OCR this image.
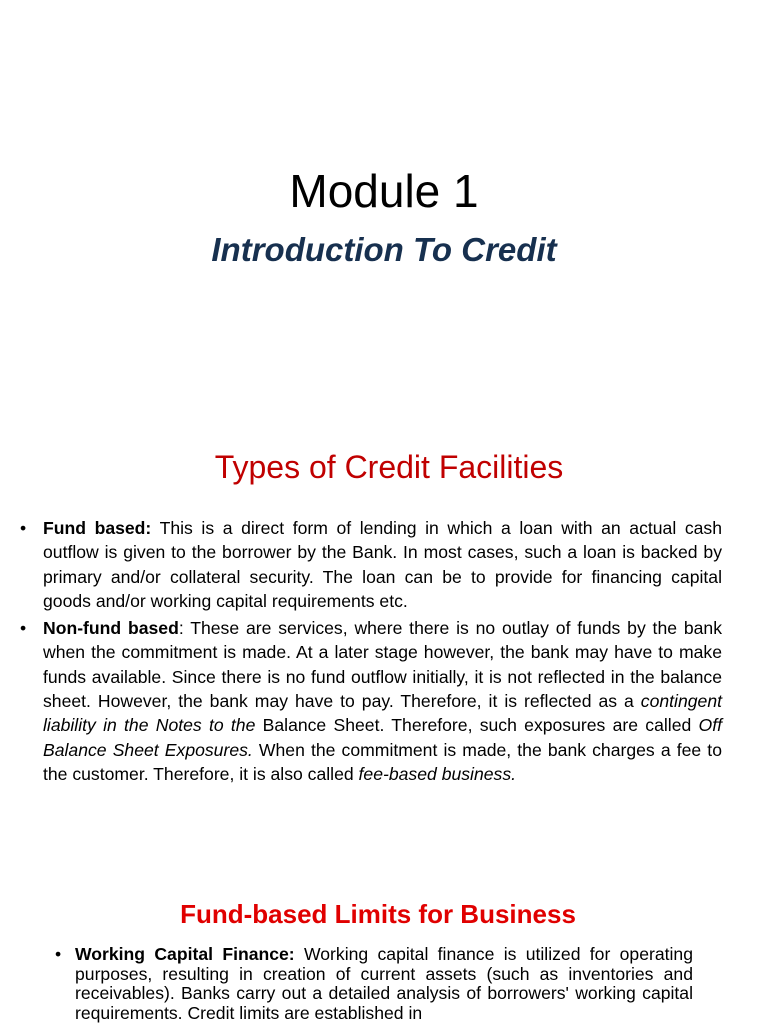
Module 1
Introduction To Credit
Types of Credit Facilities
• Fund based: This is a direct form of lending in which a loan with an actual cash outflow is given to the borrower by the Bank. In most cases, such a loan is backed by primary and/or collateral security. The loan can be to provide for financing capital goods and/or working capital requirements etc.
• Non-fund based: These are services, where there is no outlay of funds by the bank when the commitment is made. At a later stage however, the bank may have to make funds available. Since there is no fund outflow initially, it is not reflected in the balance sheet. However, the bank may have to pay. Therefore, it is reflected as a contingent liability in the Notes to the Balance Sheet. Therefore, such exposures are called Off Balance Sheet Exposures. When the commitment is made, the bank charges a fee to the customer. Therefore, it is also called fee-based business.
Fund-based Limits for Business
• Working Capital Finance: Working capital finance is utilized for operating purposes, resulting in creation of current assets (such as inventories and receivables). Banks carry out a detailed analysis of borrowers' working capital requirements. Credit limits are established in
